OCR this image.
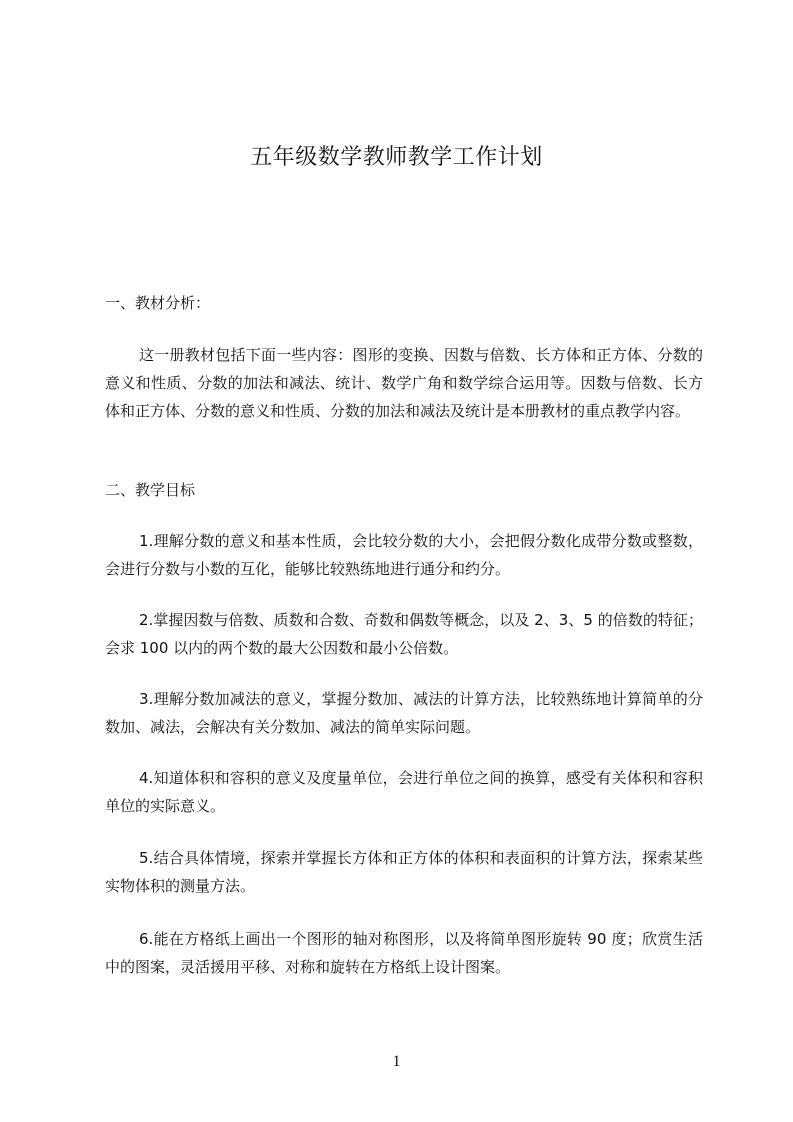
五年级数学教师教学工作计划
一、教材分析：
这一册教材包括下面一些内容：图形的变换、因数与倍数、长方体和正方体、分数的意义和性质、分数的加法和减法、统计、数学广角和数学综合运用等。因数与倍数、长方体和正方体、分数的意义和性质、分数的加法和减法及统计是本册教材的重点教学内容。
二、教学目标
1.理解分数的意义和基本性质，会比较分数的大小，会把假分数化成带分数或整数，会进行分数与小数的互化，能够比较熟练地进行通分和约分。
2.掌握因数与倍数、质数和合数、奇数和偶数等概念，以及 2、3、5 的倍数的特征；会求 100 以内的两个数的最大公因数和最小公倍数。
3.理解分数加减法的意义，掌握分数加、减法的计算方法，比较熟练地计算简单的分数加、减法，会解决有关分数加、减法的简单实际问题。
4.知道体积和容积的意义及度量单位，会进行单位之间的换算，感受有关体积和容积单位的实际意义。
5.结合具体情境，探索并掌握长方体和正方体的体积和表面积的计算方法，探索某些实物体积的测量方法。
6.能在方格纸上画出一个图形的轴对称图形，以及将简单图形旋转 90 度；欣赏生活中的图案，灵活援用平移、对称和旋转在方格纸上设计图案。
1
